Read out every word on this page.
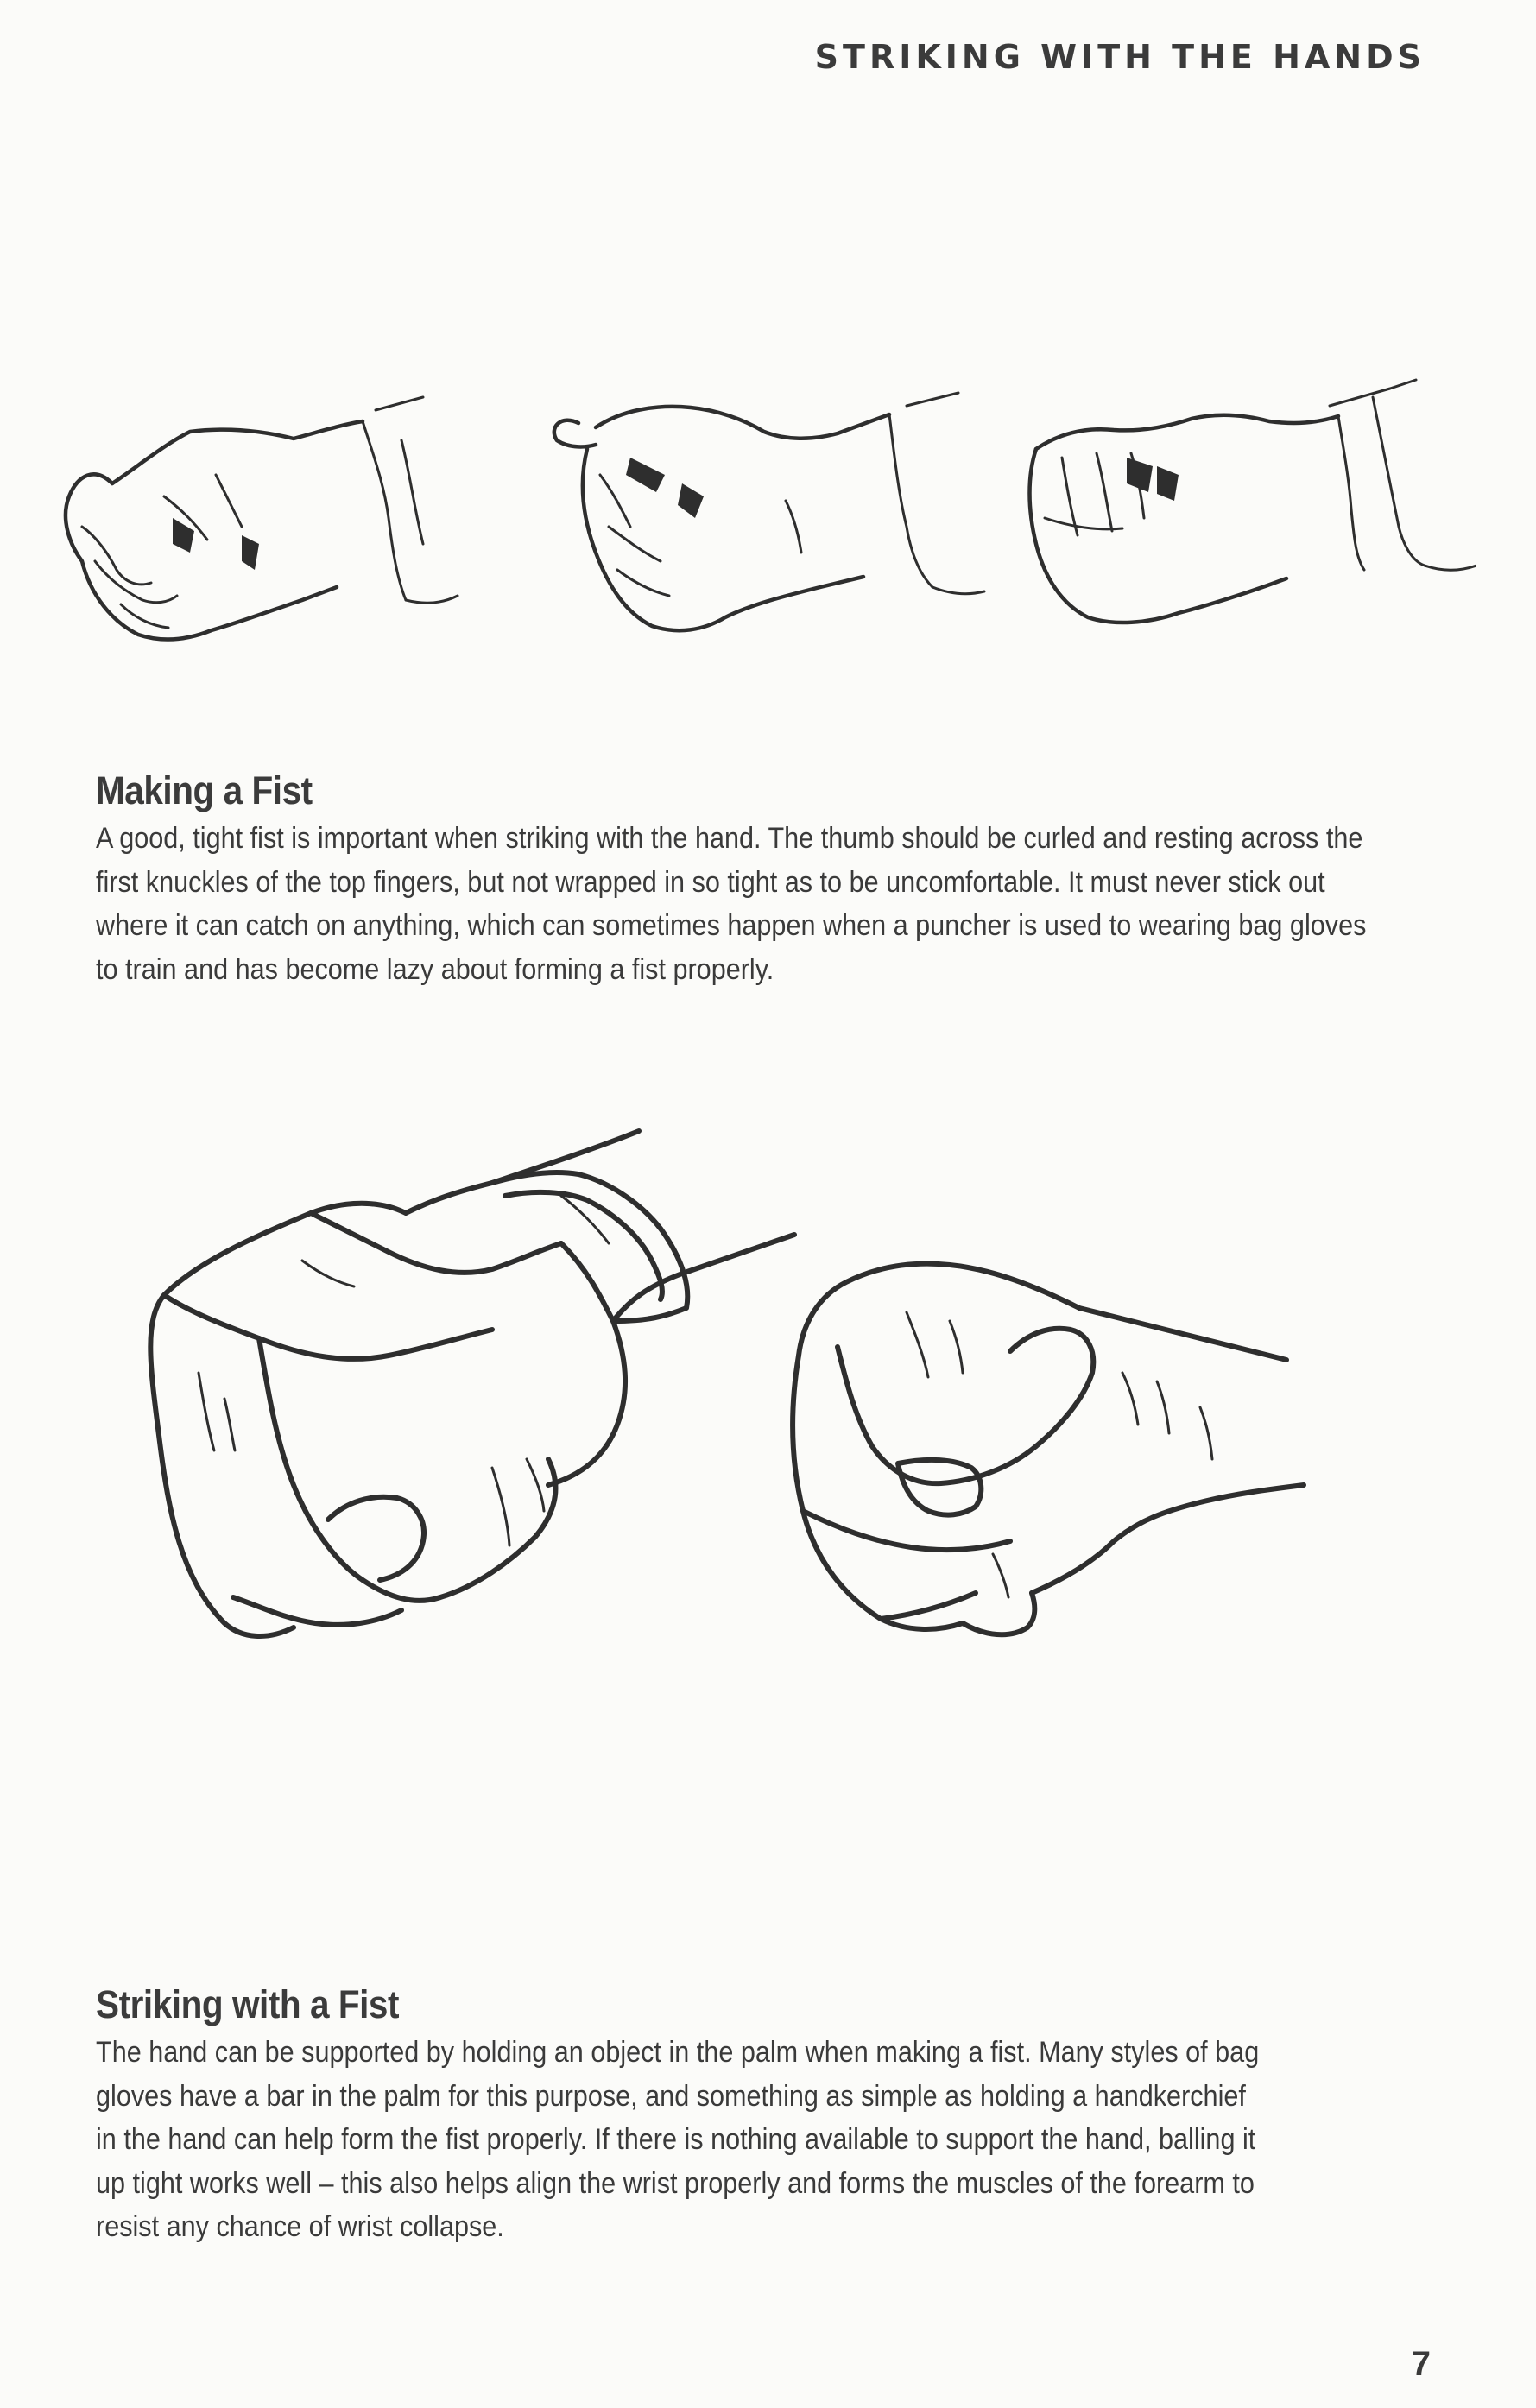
STRIKING WITH THE HANDS
Making a Fist
A good, tight fist is important when striking with the hand. The thumb should be curled and resting across the
first knuckles of the top fingers, but not wrapped in so tight as to be uncomfortable. It must never stick out
where it can catch on anything, which can sometimes happen when a puncher is used to wearing bag gloves
to train and has become lazy about forming a fist properly.
Striking with a Fist
The hand can be supported by holding an object in the palm when making a fist. Many styles of bag
gloves have a bar in the palm for this purpose, and something as simple as holding a handkerchief
in the hand can help form the fist properly. If there is nothing available to support the hand, balling it
up tight works well – this also helps align the wrist properly and forms the muscles of the forearm to
resist any chance of wrist collapse.
7
